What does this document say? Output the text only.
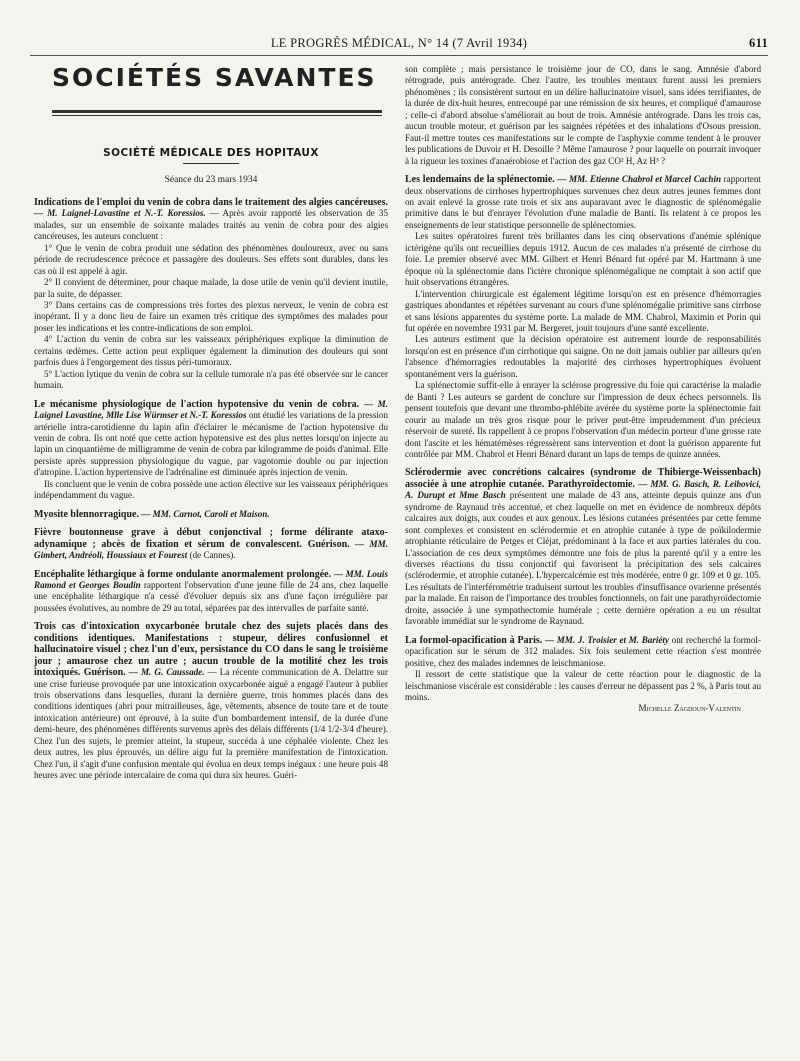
LE PROGRÈS MÉDICAL, N° 14 (7 Avril 1934)	611
SOCIÉTÉS SAVANTES
SOCIÉTÉ MÉDICALE DES HOPITAUX
Séance du 23 mars 1934

Indications de l'emploi du venin de cobra dans le traitement des algies cancéreuses. — M. Laignel-Lavastine et N.-T. Koressios. — Après avoir rapporté les observation de 35 malades, sur un ensemble de soixante malades traités au venin de cobra pour des algies cancéreuses, les auteurs concluent :

1° Que le venin de cobra produit une sédation des phénomènes douloureux, avec ou sans période de recrudescence précoce et passagère des douleurs. Ses effets sont durables, dans les cas où il est appelé à agir.

2° Il convient de déterminer, pour chaque malade, la dose utile de venin qu'il devient inutile, par la suite, de dépasser.

3° Dans certains cas de compressions très fortes des plexus nerveux, le venin de cobra est inopérant. Il y a donc lieu de faire un examen très critique des symptômes des malades pour poser les indications et les contre-indications de son emploi.

4° L'action du venin de cobra sur les vaisseaux périphériques explique la diminution de certains œdèmes. Cette action peut expliquer également la diminution des douleurs qui sont parfois dues à l'engorgement des tissus péri-tumoraux.

5° L'action lytique du venin de cobra sur la cellule tumorale n'a pas été observée sur le cancer humain.

Le mécanisme physiologique de l'action hypotensive du venin de cobra. — M. Laignel Lavastine, Mlle Lise Würmser et N.-T. Koressios ont étudié les variations de la pression artérielle intra-carotidienne du lapin afin d'éclairer le mécanisme de l'action hypotensive du venin de cobra. Ils ont noté que cette action hypotensive est des plus nettes lorsqu'on injecte au lapin un cinquantième de milligramme de venin de cobra par kilogramme de poids d'animal. Elle persiste après suppression physiologique du vague, par vagotomie double ou par injection d'atropine. L'action hypertensive de l'adrénaline est diminuée après injection de venin.

Ils concluent que le venin de cobra possède une action élective sur les vaisseaux périphériques indépendamment du vague.

Myosite blennorragique. — MM. Carnot, Caroli et Maison.

Fièvre boutonneuse grave à début conjonctival ; forme délirante ataxo-adynamique ; abcès de fixation et sérum de convalescent. Guérison. — MM. Gimbert, Andréoli, Houssiaux et Fourest (de Cannes).

Encéphalite léthargique à forme ondulante anormalement prolongée. — MM. Louis Ramond et Georges Boudin rapportent l'observation d'une jeune fille de 24 ans, chez laquelle une encéphalite léthargique n'a cessé d'évoluer depuis six ans d'une façon irrégulière par poussées évolutives, au nombre de 29 au total, séparées par des intervalles de parfaite santé.

Trois cas d'intoxication oxycarbonée brutale chez des sujets placés dans des conditions identiques. Manifestations : stupeur, délires confusionnel et hallucinatoire visuel ; chez l'un d'eux, persistance du CO dans le sang le troisième jour ; amaurose chez un autre ; aucun trouble de la motilité chez les trois intoxiqués. Guérison. — M. G. Caussade. — La récente communication de A. Delattre sur une crise furieuse provoquée par une intoxication oxycarbonée aiguë a engagé l'auteur à publier trois observations dans lesquelles, durant la dernière guerre, trois hommes placés dans des conditions identiques (abri pour mitrailleuses, âge, vêtements, absence de toute tare et de toute intoxication antérieure) ont éprouvé, à la suite d'un bombardement intensif, de la durée d'une demi-heure, des phénomènes différents survenus après des délais différents (1/4 1/2-3/4 d'heure). Chez l'un des sujets, le premier atteint, la stupeur, succéda à une céphalée violente. Chez les deux autres, les plus éprouvés, un délire aigu fut la première manifestation de l'intoxication. Chez l'un, il s'agit d'une confusion mentale qui évolua en deux temps inégaux : une heure puis 48 heures avec une période intercalaire de coma qui dura six heures. Guéri-

son complète ; mais persistance le troisième jour de CO, dans le sang. Amnésie d'abord rétrograde, puis antérograde. Chez l'autre, les troubles mentaux furent aussi les premiers phénomènes ; ils consistèrent surtout en un délire hallucinatoire visuel, sans idées terrifiantes, de la durée de dix-huit heures, entrecoupé par une rémission de six heures, et compliqué d'amaurose ; celle-ci d'abord absolue s'améliorait au bout de trois. Amnésie antérograde. Dans les trois cas, aucun trouble moteur, et guérison par les saignées répétées et des inhalations d'Osous pression. Faut-il mettre toutes ces manifestations sur le compte de l'asphyxie comme tendent à le prouver les publications de Duvoir et H. Desoille ? Même l'amaurose ? pour laquelle on pourrait invoquer à la rigueur les toxines d'anaérobiose et l'action des gaz CO² H, Az H³ ?

Les lendemains de la splénectomie. — MM. Etienne Chabrol et Marcel Cachin rapportent deux observations de cirrhoses hypertrophiques survenues chez deux autres jeunes femmes dont on avait enlevé la grosse rate trois et six ans auparavant avec le diagnostic de splénomégalie primitive dans le but d'enrayer l'évolution d'une maladie de Banti. Ils relatent à ce propos les enseignements de leur statistique personnelle de splénectomies.

Les suites opératoires furent très brillantes dans les cinq observations d'anémie splénique ictérigène qu'ils ont recueillies depuis 1912. Aucun de ces malades n'a présenté de cirrhose du foie. Le premier observé avec MM. Gilbert et Henri Bénard fut opéré par M. Hartmann à une époque où la splénectomie dans l'ictère chronique splénomégalique ne comptait à son actif que huit observations étrangères.

L'intervention chirurgicale est également légitime lorsqu'on est en présence d'hémorragies gastriques abondantes et répétées survenant au cours d'une splénomégalie primitive sans cirrhose et sans lésions apparentes du système porte. La malade de MM. Chabrol, Maximin et Porin qui fut opérée en novembre 1931 par M. Bergeret, jouit toujours d'une santé excellente.

Les auteurs estiment que la décision opératoire est autrement lourde de responsabilités lorsqu'on est en présence d'un cirrhotique qui saigne. On ne doit jamais oublier par ailleurs qu'en l'absence d'hémorragies redoutables la majorité des cirrhoses hypertrophiques évoluent spontanément vers la guérison.

La splénectomie suffit-elle à enrayer la sclérose progressive du foie qui caractérise la maladie de Banti ? Les auteurs se gardent de conclure sur l'impression de deux échecs personnels. Ils pensent toutefois que devant une thrombo-phlébite avérée du système porte la splénectomie fait courir au malade un très gros risque pour le priver peut-être imprudemment d'un précieux réservoir de sureté. Ils rappellent à ce propos l'observation d'un médecin porteur d'une grosse rate dont l'ascite et les hématémèses régressèrent sans intervention et dont la guérison apparente fut contrôlée par MM. Chabrol et Henri Bénard durant un laps de temps de quinze années.

Sclérodermie avec concrétions calcaires (syndrome de Thibierge-Weissenbach) associée à une atrophie cutanée. Parathyroïdectomie. — MM. G. Basch, R. Leibovici, A. Durupt et Mme Basch présentent une malade de 43 ans, atteinte depuis quinze ans d'un syndrome de Raynaud très accentué, et chez laquelle on met en évidence de nombreux dépôts calcaires aux doigts, aux coudes et aux genoux. Les lésions cutanées présentées par cette femme sont complexes et consistent en sclérodermie et en atrophie cutanée à type de poïkilodermie atrophiante réticulaire de Petges et Cléjat, prédominant à la face et aux parties latérales du cou. L'association de ces deux symptômes démontre une fois de plus la parenté qu'il y a entre les diverses réactions du tissu conjonctif qui favorisent la précipitation des sels calcaires (sclérodermie, et atrophie cutanée). L'hypercalcémie est très modérée, entre 0 gr. 109 et 0 gr. 105. Les résultats de l'interférométrie traduisent surtout les troubles d'insuffisance ovarienne présentés par la malade. En raison de l'importance des troubles fonctionnels, on fait une parathyroïdectomie droite, associée à une sympathectomie humérale ; cette dernière opération a eu un résultat favorable immédiat sur le syndrome de Raynaud.

La formol-opacification à Paris. — MM. J. Troisier et M. Bariéty ont recherché la formol-opacification sur le sérum de 312 malades. Six fois seulement cette réaction s'est montrée positive, chez des malades indemnes de leischmaniose.

Il ressort de cette statistique que la valeur de cette réaction pour le diagnostic de la leischmaniose viscérale est considérable : les causes d'erreur ne dépassent pas 2 %, à Paris tout au moins.

Michelle Zagdoun-Valentin
